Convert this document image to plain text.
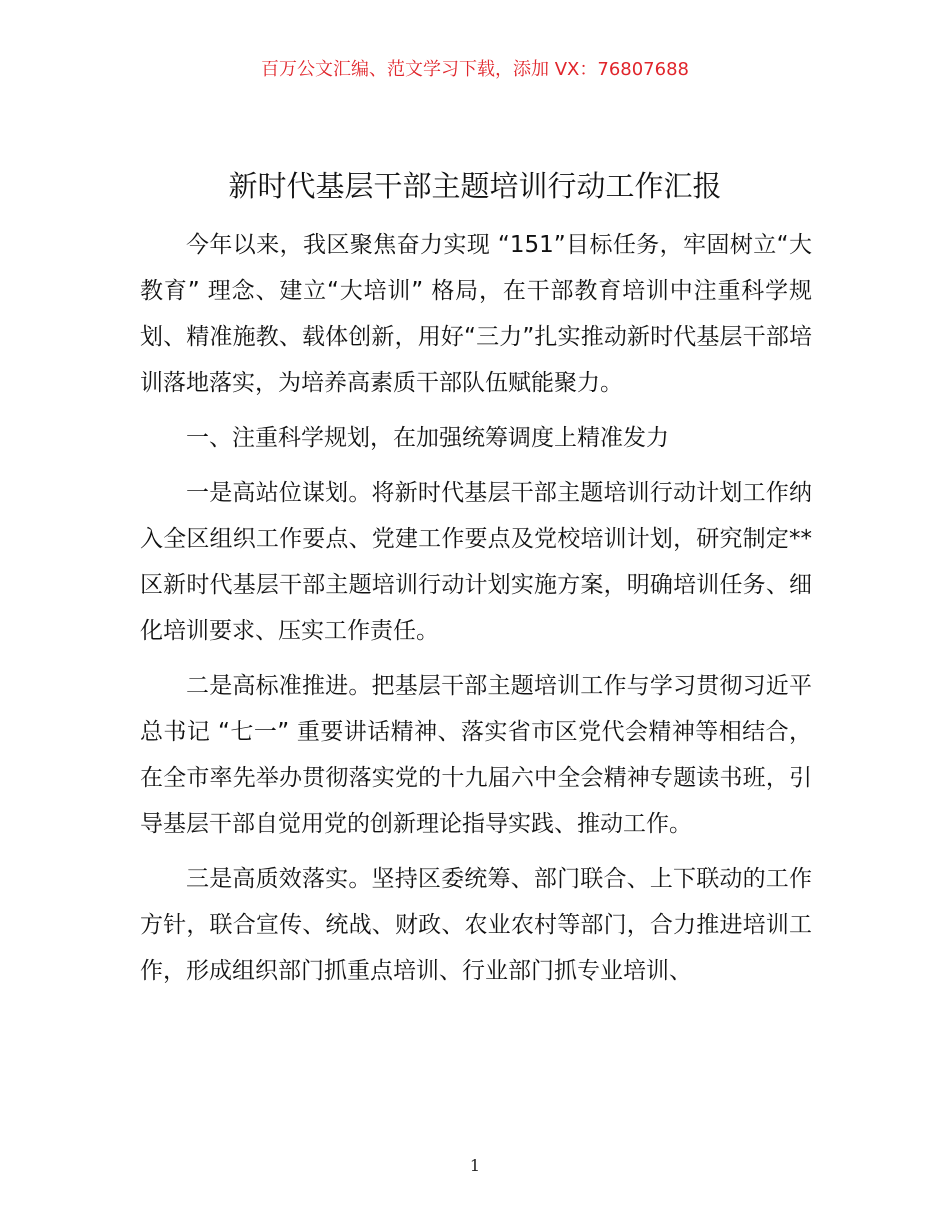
百万公文汇编、范文学习下载，添加 VX：76807688
新时代基层干部主题培训行动工作汇报

今年以来，我区聚焦奋力实现 “151”目标任务，牢固树立“大教育” 理念、建立“大培训” 格局，在干部教育培训中注重科学规划、精准施教、载体创新，用好“三力”扎实推动新时代基层干部培训落地落实，为培养高素质干部队伍赋能聚力。

一、注重科学规划，在加强统筹调度上精准发力

一是高站位谋划。将新时代基层干部主题培训行动计划工作纳入全区组织工作要点、党建工作要点及党校培训计划，研究制定**区新时代基层干部主题培训行动计划实施方案，明确培训任务、细化培训要求、压实工作责任。

二是高标准推进。把基层干部主题培训工作与学习贯彻习近平总书记 “七一” 重要讲话精神、落实省市区党代会精神等相结合，在全市率先举办贯彻落实党的十九届六中全会精神专题读书班，引导基层干部自觉用党的创新理论指导实践、推动工作。

三是高质效落实。坚持区委统筹、部门联合、上下联动的工作方针，联合宣传、统战、财政、农业农村等部门，合力推进培训工作，形成组织部门抓重点培训、行业部门抓专业培训、

1
